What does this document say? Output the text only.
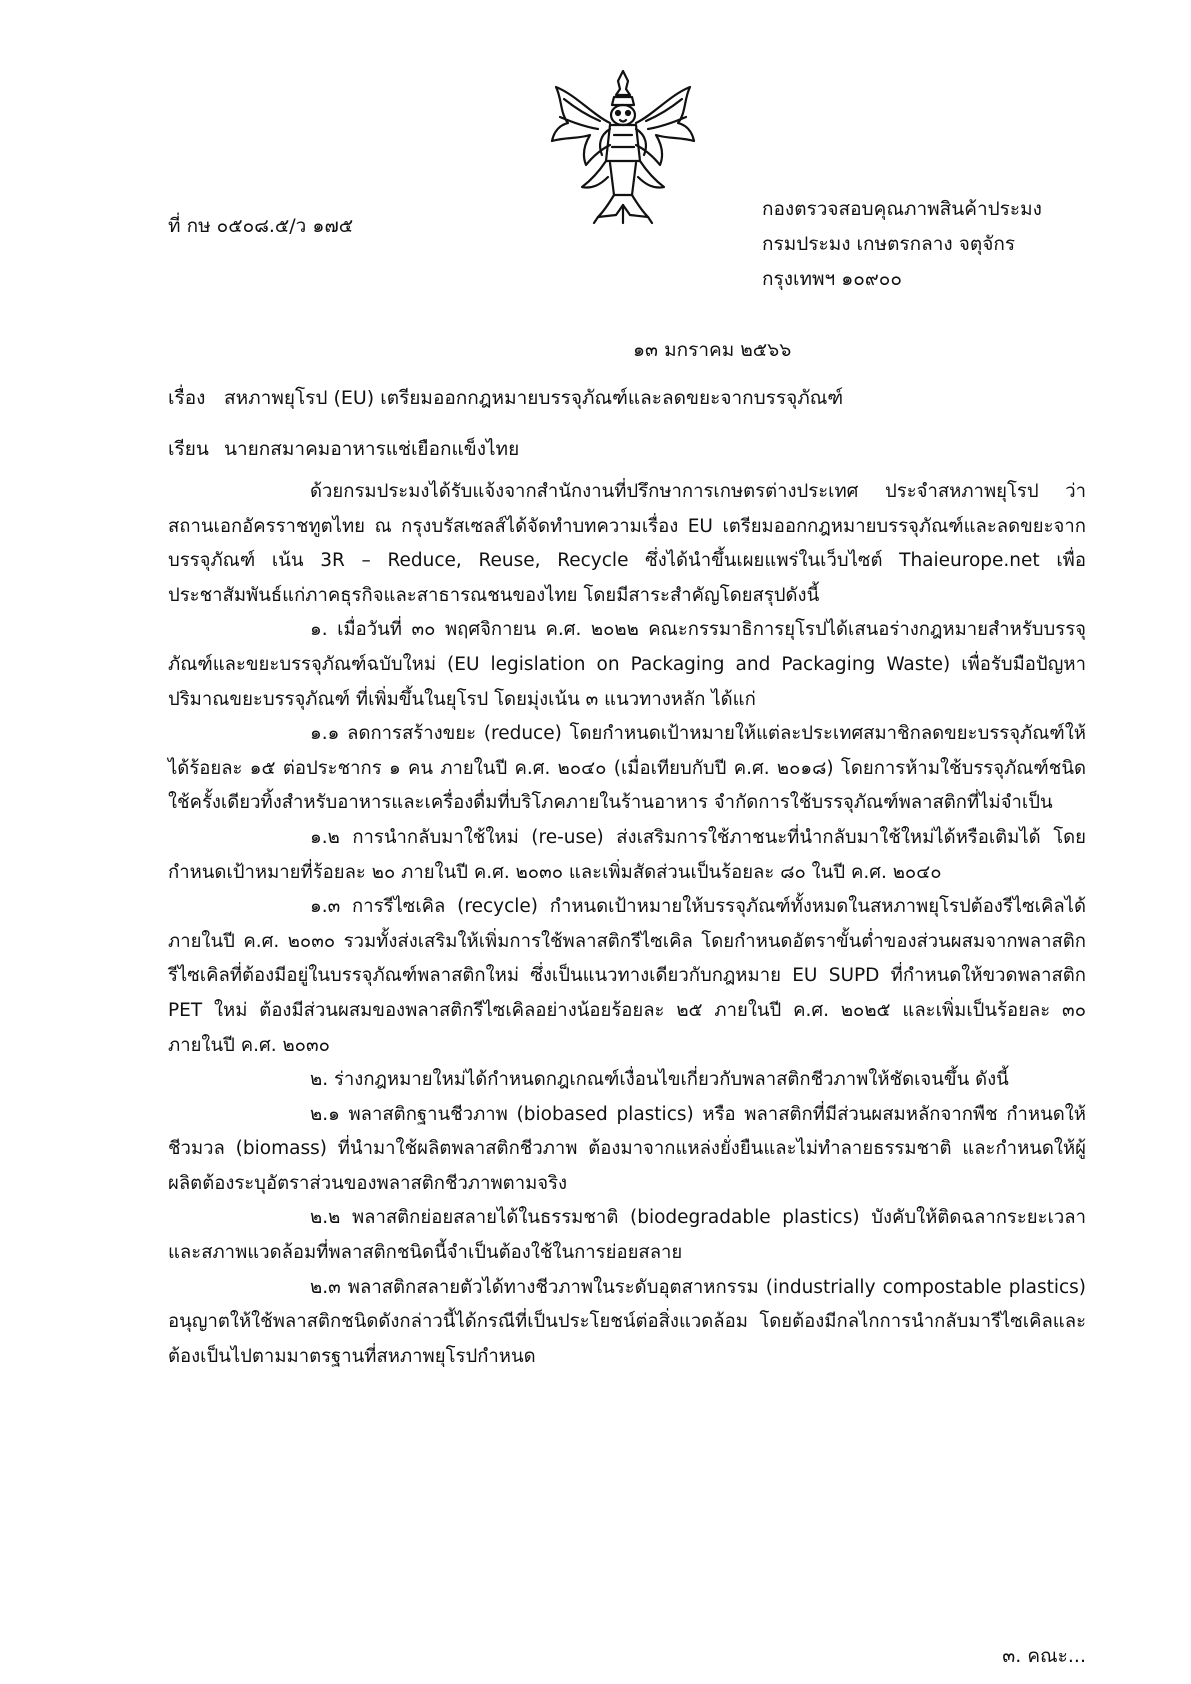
ที่ กษ ๐๕๐๘.๕/ว ๑๗๕
กองตรวจสอบคุณภาพสินค้าประมง
กรมประมง เกษตรกลาง จตุจักร
กรุงเทพฯ ๑๐๙๐๐
๑๓ มกราคม ๒๕๖๖
เรื่อง สหภาพยุโรป (EU) เตรียมออกกฎหมายบรรจุภัณฑ์และลดขยะจากบรรจุภัณฑ์
เรียน นายกสมาคมอาหารแช่เยือกแข็งไทย

ด้วยกรมประมงได้รับแจ้งจากสำนักงานที่ปรึกษาการเกษตรต่างประเทศ ประจำสหภาพยุโรป ว่า สถานเอกอัครราชทูตไทย ณ กรุงบรัสเซลส์ได้จัดทำบทความเรื่อง EU เตรียมออกกฎหมายบรรจุภัณฑ์และลดขยะจากบรรจุภัณฑ์ เน้น 3R – Reduce, Reuse, Recycle ซึ่งได้นำขึ้นเผยแพร่ในเว็บไซต์ Thaieurope.net เพื่อประชาสัมพันธ์แก่ภาคธุรกิจและสาธารณชนของไทย โดยมีสาระสำคัญโดยสรุปดังนี้

๑. เมื่อวันที่ ๓๐ พฤศจิกายน ค.ศ. ๒๐๒๒ คณะกรรมาธิการยุโรปได้เสนอร่างกฎหมายสำหรับบรรจุภัณฑ์และขยะบรรจุภัณฑ์ฉบับใหม่ (EU legislation on Packaging and Packaging Waste) เพื่อรับมือปัญหาปริมาณขยะบรรจุภัณฑ์ ที่เพิ่มขึ้นในยุโรป โดยมุ่งเน้น ๓ แนวทางหลัก ได้แก่

๑.๑ ลดการสร้างขยะ (reduce) โดยกำหนดเป้าหมายให้แต่ละประเทศสมาชิกลดขยะบรรจุภัณฑ์ให้ได้ร้อยละ ๑๕ ต่อประชากร ๑ คน ภายในปี ค.ศ. ๒๐๔๐ (เมื่อเทียบกับปี ค.ศ. ๒๐๑๘) โดยการห้ามใช้บรรจุภัณฑ์ชนิดใช้ครั้งเดียวทิ้งสำหรับอาหารและเครื่องดื่มที่บริโภคภายในร้านอาหาร จำกัดการใช้บรรจุภัณฑ์พลาสติกที่ไม่จำเป็น

๑.๒ การนำกลับมาใช้ใหม่ (re-use) ส่งเสริมการใช้ภาชนะที่นำกลับมาใช้ใหม่ได้หรือเติมได้ โดยกำหนดเป้าหมายที่ร้อยละ ๒๐ ภายในปี ค.ศ. ๒๐๓๐ และเพิ่มสัดส่วนเป็นร้อยละ ๘๐ ในปี ค.ศ. ๒๐๔๐

๑.๓ การรีไซเคิล (recycle) กำหนดเป้าหมายให้บรรจุภัณฑ์ทั้งหมดในสหภาพยุโรปต้องรีไซเคิลได้ภายในปี ค.ศ. ๒๐๓๐ รวมทั้งส่งเสริมให้เพิ่มการใช้พลาสติกรีไซเคิล โดยกำหนดอัตราขั้นต่ำของส่วนผสมจากพลาสติกรีไซเคิลที่ต้องมีอยู่ในบรรจุภัณฑ์พลาสติกใหม่ ซึ่งเป็นแนวทางเดียวกับกฎหมาย EU SUPD ที่กำหนดให้ขวดพลาสติก PET ใหม่ ต้องมีส่วนผสมของพลาสติกรีไซเคิลอย่างน้อยร้อยละ ๒๕ ภายในปี ค.ศ. ๒๐๒๕ และเพิ่มเป็นร้อยละ ๓๐ ภายในปี ค.ศ. ๒๐๓๐

๒. ร่างกฎหมายใหม่ได้กำหนดกฎเกณฑ์เงื่อนไขเกี่ยวกับพลาสติกชีวภาพให้ชัดเจนขึ้น ดังนี้

๒.๑ พลาสติกฐานชีวภาพ (biobased plastics) หรือ พลาสติกที่มีส่วนผสมหลักจากพืช กำหนดให้ชีวมวล (biomass) ที่นำมาใช้ผลิตพลาสติกชีวภาพ ต้องมาจากแหล่งยั่งยืนและไม่ทำลายธรรมชาติ และกำหนดให้ผู้ผลิตต้องระบุอัตราส่วนของพลาสติกชีวภาพตามจริง

๒.๒ พลาสติกย่อยสลายได้ในธรรมชาติ (biodegradable plastics) บังคับให้ติดฉลากระยะเวลาและสภาพแวดล้อมที่พลาสติกชนิดนี้จำเป็นต้องใช้ในการย่อยสลาย

๒.๓ พลาสติกสลายตัวได้ทางชีวภาพในระดับอุตสาหกรรม (industrially compostable plastics) อนุญาตให้ใช้พลาสติกชนิดดังกล่าวนี้ได้กรณีที่เป็นประโยชน์ต่อสิ่งแวดล้อม โดยต้องมีกลไกการนำกลับมารีไซเคิลและต้องเป็นไปตามมาตรฐานที่สหภาพยุโรปกำหนด

๓. คณะ...
